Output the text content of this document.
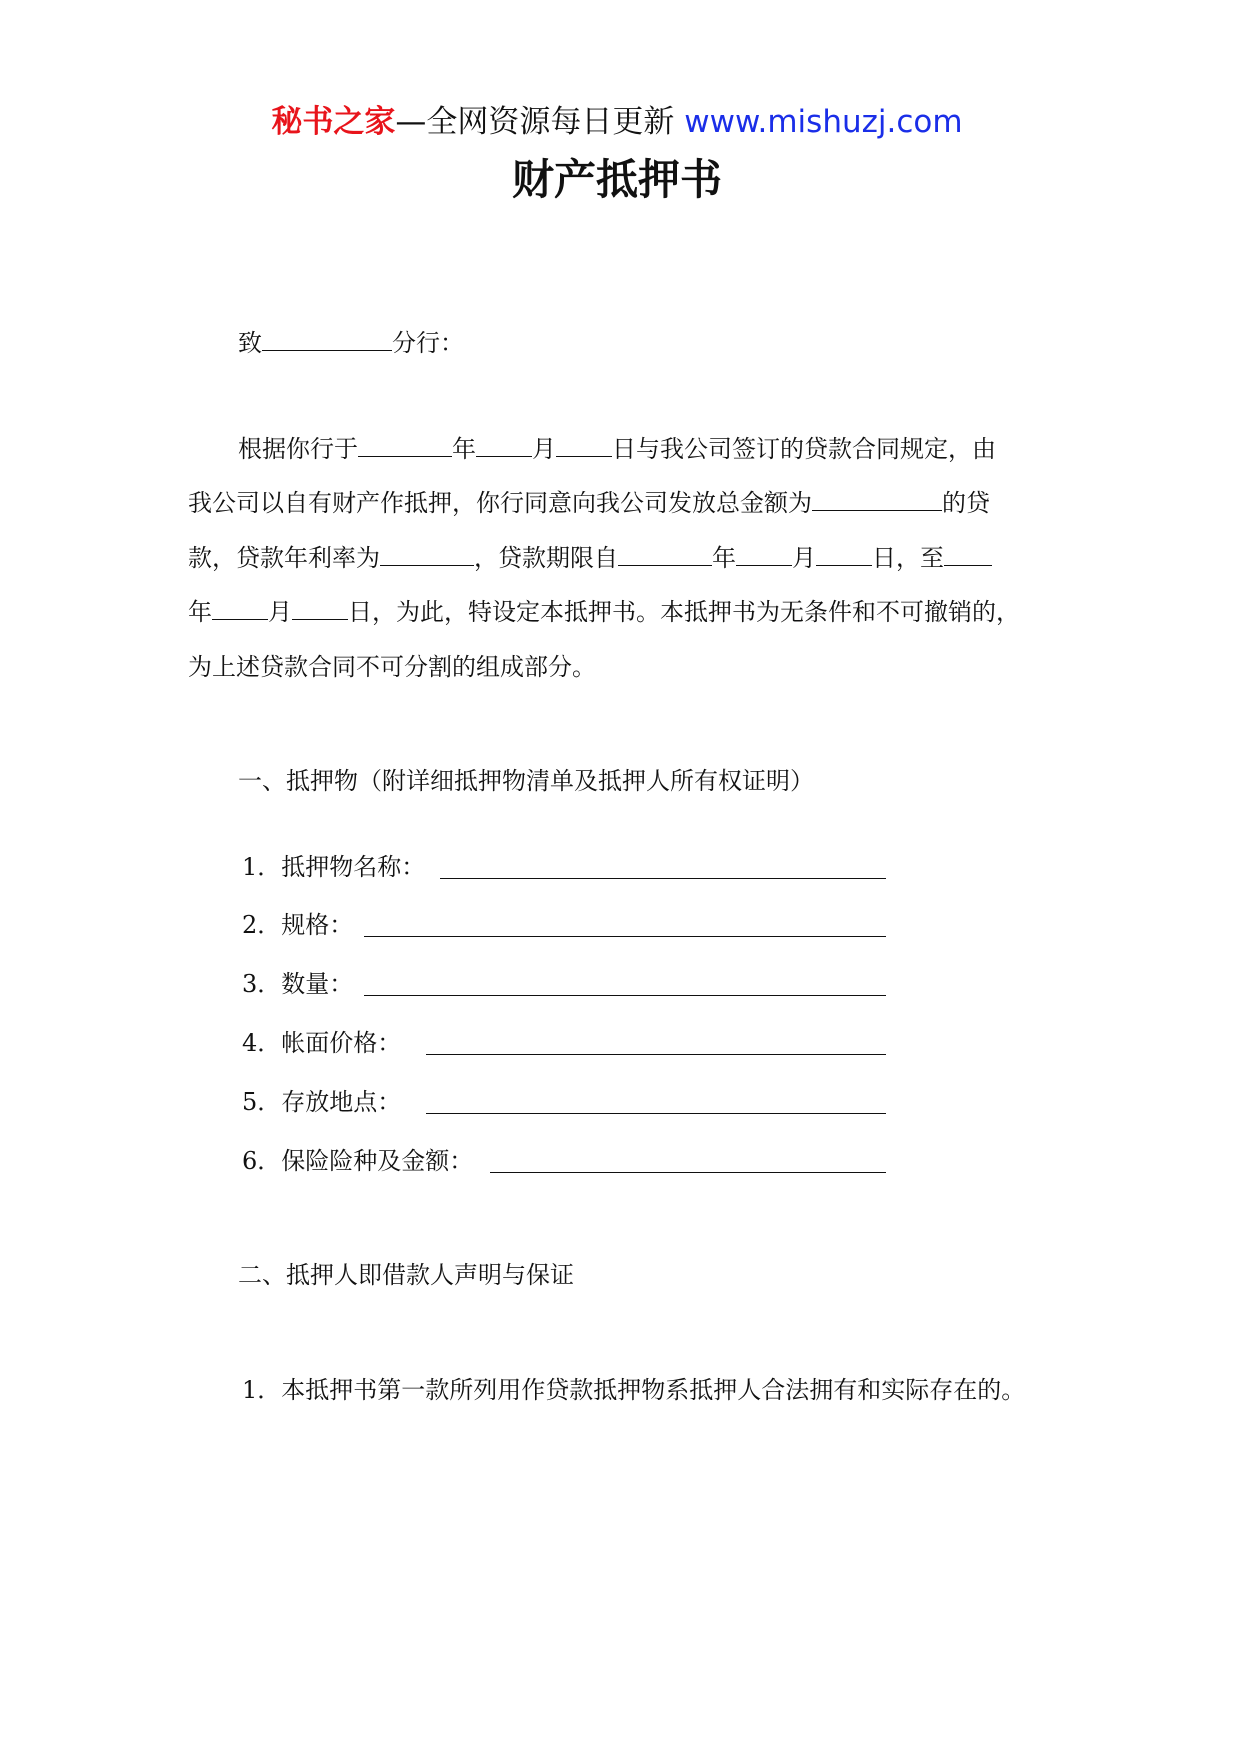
秘书之家—全网资源每日更新 www.mishuzj.com
财产抵押书
致	分行：
根据你行于	年 月 日与我公司签订的贷款合同规定，由
我公司以自有财产作抵押，你行同意向我公司发放总金额为	的贷
款，贷款年利率为	，贷款期限自	年 月 日，至
年 月 日，为此，特设定本抵押书。本抵押书为无条件和不可撤销的，
为上述贷款合同不可分割的组成部分。
一、抵押物（附详细抵押物清单及抵押人所有权证明）
1．抵押物名称：
2．规格：
3．数量：
4．帐面价格：
5．存放地点：
6．保险险种及金额：
二、抵押人即借款人声明与保证
1．本抵押书第一款所列用作贷款抵押物系抵押人合法拥有和实际存在的。
